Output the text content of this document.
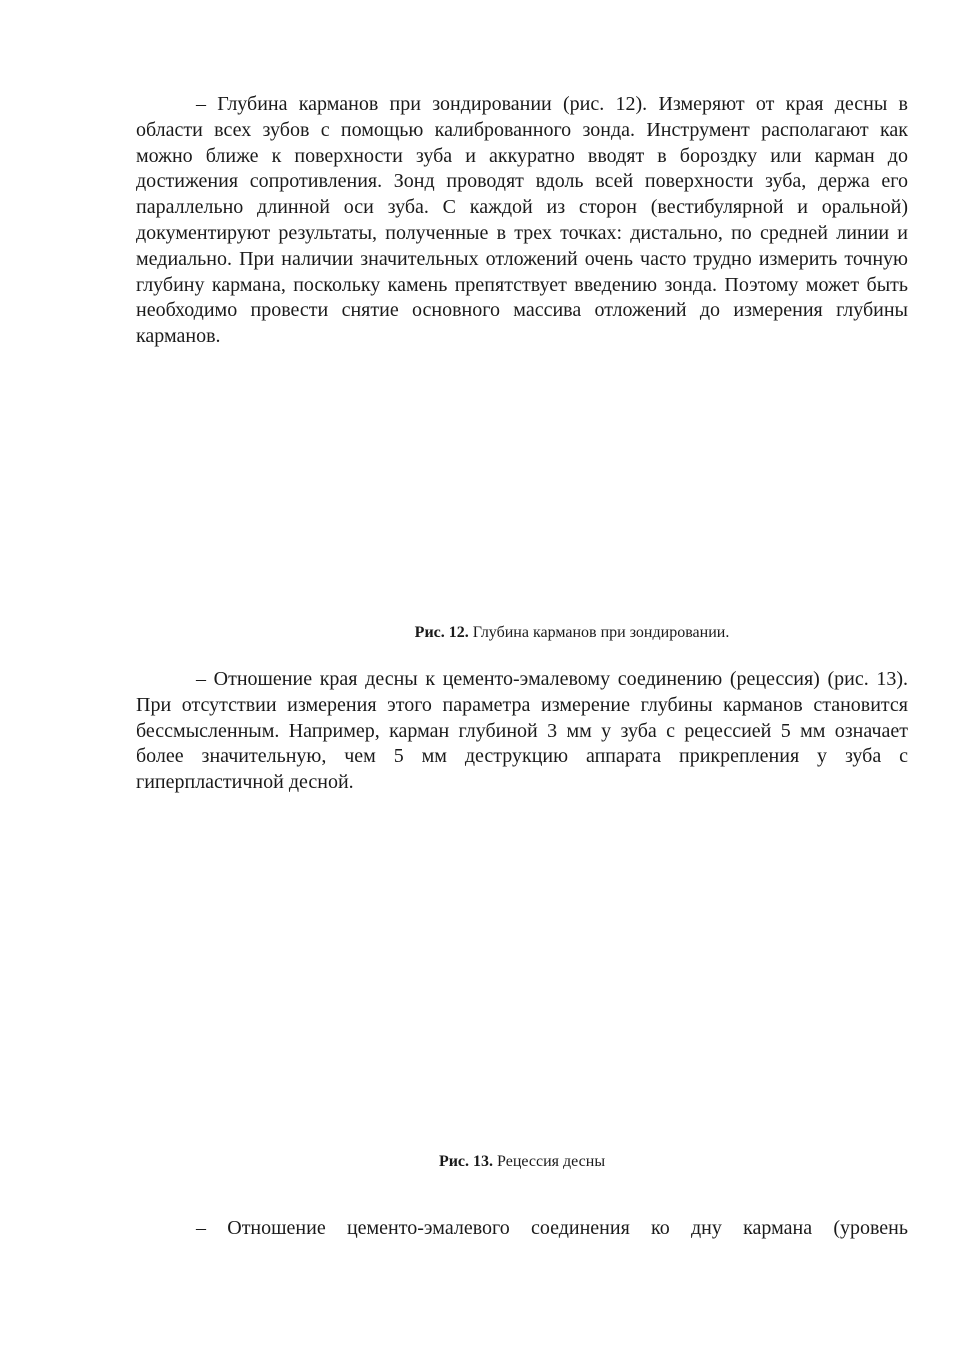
– Глубина карманов при зондировании (рис. 12). Измеряют от края десны в области всех зубов с помощью калиброванного зонда. Инструмент располагают как можно ближе к поверхности зуба и аккуратно вводят в бороздку или карман до достижения сопротивления. Зонд проводят вдоль всей поверхности зуба, держа его параллельно длинной оси зуба. С каждой из сторон (вестибулярной и оральной) документируют результаты, полученные в трех точках: дистально, по средней линии и медиально. При наличии значительных отложений очень часто трудно измерить точную глубину кармана, поскольку камень препятствует введению зонда. Поэтому может быть необходимо провести снятие основного массива отложений до измерения глубины карманов.

Рис. 12. Глубина карманов при зондировании.

– Отношение края десны к цементо-эмалевому соединению (рецессия) (рис. 13). При отсутствии измерения этого параметра измерение глубины карманов становится бессмысленным. Например, карман глубиной 3 мм у зуба с рецессией 5 мм означает более значительную, чем 5 мм деструкцию аппарата прикрепления у зуба с гиперпластичной десной.

Рис. 13. Рецессия десны

– Отношение цементо-эмалевого соединения ко дну кармана (уровень
